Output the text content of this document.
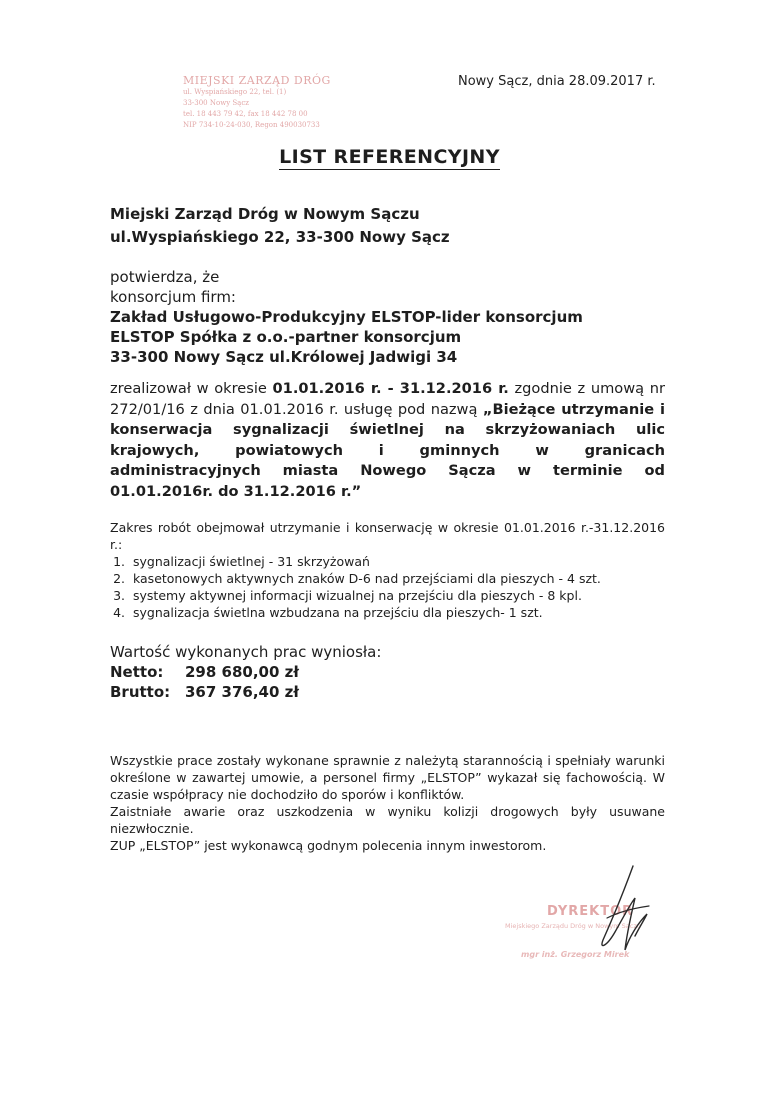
MIEJSKI ZARZĄD DRÓG
ul. Wyspiańskiego 22, tel. (1)
33-300 Nowy Sącz
tel. 18 443 79 42, fax 18 442 78 00
NIP 734-10-24-030, Regon 490030733
Nowy Sącz, dnia 28.09.2017 r.
LIST REFERENCYJNY
Miejski Zarząd Dróg w Nowym Sączu
ul.Wyspiańskiego 22, 33-300 Nowy Sącz
potwierdza, że
konsorcjum firm:
Zakład Usługowo-Produkcyjny ELSTOP-lider konsorcjum
ELSTOP Spółka z o.o.-partner konsorcjum
33-300 Nowy Sącz ul.Królowej Jadwigi 34
zrealizował w okresie 01.01.2016 r. - 31.12.2016 r. zgodnie z umową nr 272/01/16 z dnia 01.01.2016 r. usługę pod nazwą „Bieżące utrzymanie i konserwacja sygnalizacji świetlnej na skrzyżowaniach ulic krajowych, powiatowych i gminnych w granicach administracyjnych miasta Nowego Sącza w terminie od 01.01.2016r. do 31.12.2016 r.”
Zakres robót obejmował utrzymanie i konserwację w okresie 01.01.2016 r.-31.12.2016 r.:
1. sygnalizacji świetlnej - 31 skrzyżowań
2. kasetonowych aktywnych znaków D-6 nad przejściami dla pieszych - 4 szt.
3. systemy aktywnej informacji wizualnej na przejściu dla pieszych - 8 kpl.
4. sygnalizacja świetlna wzbudzana na przejściu dla pieszych- 1 szt.
Wartość wykonanych prac wyniosła:
Netto:	298 680,00 zł
Brutto: 367 376,40 zł

Wszystkie prace zostały wykonane sprawnie z należytą starannością i spełniały warunki określone w zawartej umowie, a personel firmy „ELSTOP” wykazał się fachowością. W czasie współpracy nie dochodziło do sporów i konfliktów.

Zaistniałe awarie oraz uszkodzenia w wyniku kolizji drogowych były usuwane niezwłocznie.

ZUP „ELSTOP” jest wykonawcą godnym polecenia innym inwestorom.

DYREKTOR
Miejskiego Zarządu Dróg w Nowym Sączu
mgr inż. Grzegorz Mirek
